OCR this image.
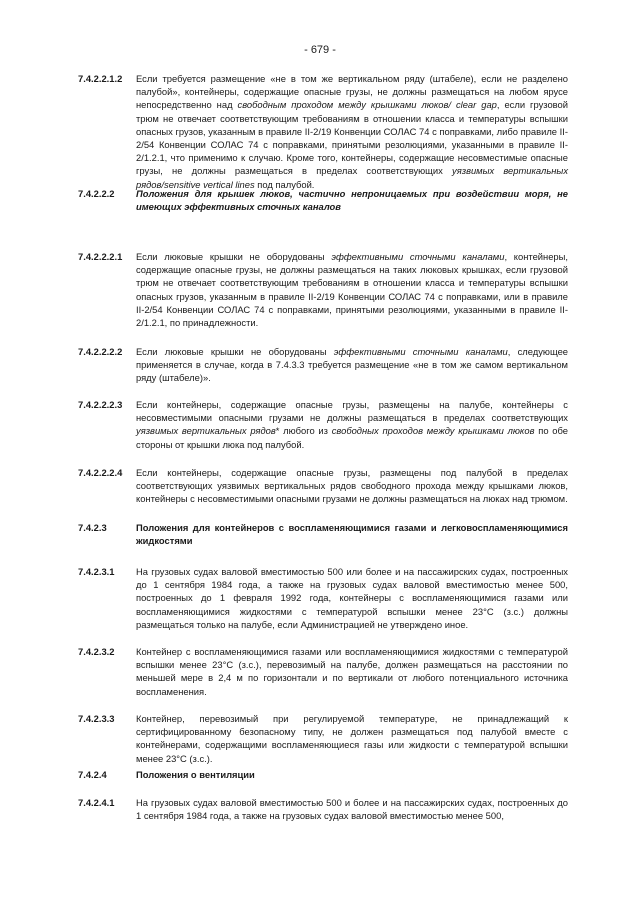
- 679 -
7.4.2.2.1.2	Если требуется размещение «не в том же вертикальном ряду (штабеле), если не разделено палубой», контейнеры, содержащие опасные грузы, не должны размещаться на любом ярусе непосредственно над свободным проходом между крышками люков/ clear gap, если грузовой трюм не отвечает соответствующим требованиям в отношении класса и температуры вспышки опасных грузов, указанным в правиле II-2/19 Конвенции СОЛАС 74 с поправками, либо правиле II-2/54 Конвенции СОЛАС 74 с поправками, принятыми резолюциями, указанными в правиле II-2/1.2.1, что применимо к случаю. Кроме того, контейнеры, содержащие несовместимые опасные грузы, не должны размещаться в пределах соответствующих уязвимых вертикальных рядов/sensitive vertical lines под палубой.
7.4.2.2.2	Положения для крышек люков, частично непроницаемых при воздействии моря, не имеющих эффективных сточных каналов
7.4.2.2.2.1	Если люковые крышки не оборудованы эффективными сточными каналами, контейнеры, содержащие опасные грузы, не должны размещаться на таких люковых крышках, если грузовой трюм не отвечает соответствующим требованиям в отношении класса и температуры вспышки опасных грузов, указанным в правиле II-2/19 Конвенции СОЛАС 74 с поправками, или в правиле II-2/54 Конвенции СОЛАС 74 с поправками, принятыми резолюциями, указанными в правиле II-2/1.2.1, по принадлежности.
7.4.2.2.2.2	Если люковые крышки не оборудованы эффективными сточными каналами, следующее применяется в случае, когда в 7.4.3.3 требуется размещение «не в том же самом вертикальном ряду (штабеле)».
7.4.2.2.2.3	Если контейнеры, содержащие опасные грузы, размещены на палубе, контейнеры с несовместимыми опасными грузами не должны размещаться в пределах соответствующих уязвимых вертикальных рядов* любого из свободных проходов между крышками люков по обе стороны от крышки люка под палубой.
7.4.2.2.2.4	Если контейнеры, содержащие опасные грузы, размещены под палубой в пределах соответствующих уязвимых вертикальных рядов свободного прохода между крышками люков, контейнеры с несовместимыми опасными грузами не должны размещаться на люках над трюмом.
7.4.2.3	Положения для контейнеров с воспламеняющимися газами и легковоспламеняющимися жидкостями
7.4.2.3.1	На грузовых судах валовой вместимостью 500 или более и на пассажирских судах, построенных до 1 сентября 1984 года, а также на грузовых судах валовой вместимостью менее 500, построенных до 1 февраля 1992 года, контейнеры с воспламеняющимися газами или воспламеняющимися жидкостями с температурой вспышки менее 23°C (з.с.) должны размещаться только на палубе, если Администрацией не утверждено иное.
7.4.2.3.2	Контейнер с воспламеняющимися газами или воспламеняющимися жидкостями с температурой вспышки менее 23°C (з.с.), перевозимый на палубе, должен размещаться на расстоянии по меньшей мере в 2,4 м по горизонтали и по вертикали от любого потенциального источника воспламенения.
7.4.2.3.3	Контейнер, перевозимый при регулируемой температуре, не принадлежащий к сертифицированному безопасному типу, не должен размещаться под палубой вместе с контейнерами, содержащими воспламеняющиеся газы или жидкости с температурой вспышки менее 23°C (з.с.).
7.4.2.4	Положения о вентиляции
7.4.2.4.1	На грузовых судах валовой вместимостью 500 и более и на пассажирских судах, построенных до 1 сентября 1984 года, а также на грузовых судах валовой вместимостью менее 500,
